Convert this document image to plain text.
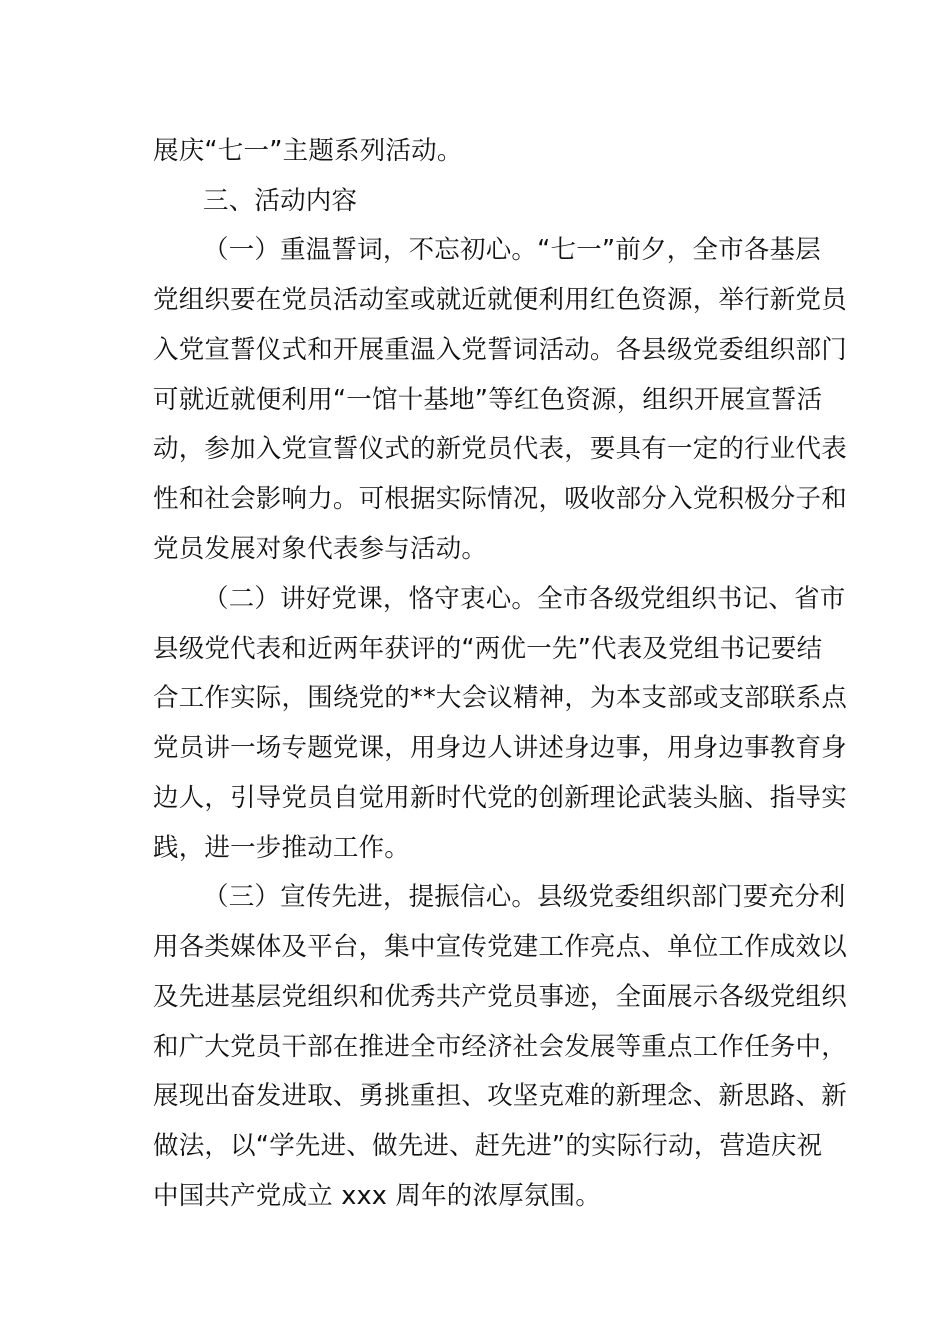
展庆“七一”主题系列活动。
三、活动内容
（一）重温誓词，不忘初心。“七一”前夕，全市各基层
党组织要在党员活动室或就近就便利用红色资源，举行新党员
入党宣誓仪式和开展重温入党誓词活动。各县级党委组织部门
可就近就便利用“一馆十基地”等红色资源，组织开展宣誓活
动，参加入党宣誓仪式的新党员代表，要具有一定的行业代表
性和社会影响力。可根据实际情况，吸收部分入党积极分子和
党员发展对象代表参与活动。
（二）讲好党课，恪守衷心。全市各级党组织书记、省市
县级党代表和近两年获评的“两优一先”代表及党组书记要结
合工作实际，围绕党的**大会议精神，为本支部或支部联系点
党员讲一场专题党课，用身边人讲述身边事，用身边事教育身
边人，引导党员自觉用新时代党的创新理论武装头脑、指导实
践，进一步推动工作。
（三）宣传先进，提振信心。县级党委组织部门要充分利
用各类媒体及平台，集中宣传党建工作亮点、单位工作成效以
及先进基层党组织和优秀共产党员事迹，全面展示各级党组织
和广大党员干部在推进全市经济社会发展等重点工作任务中，
展现出奋发进取、勇挑重担、攻坚克难的新理念、新思路、新
做法，以“学先进、做先进、赶先进”的实际行动，营造庆祝
中国共产党成立 xxx 周年的浓厚氛围。
